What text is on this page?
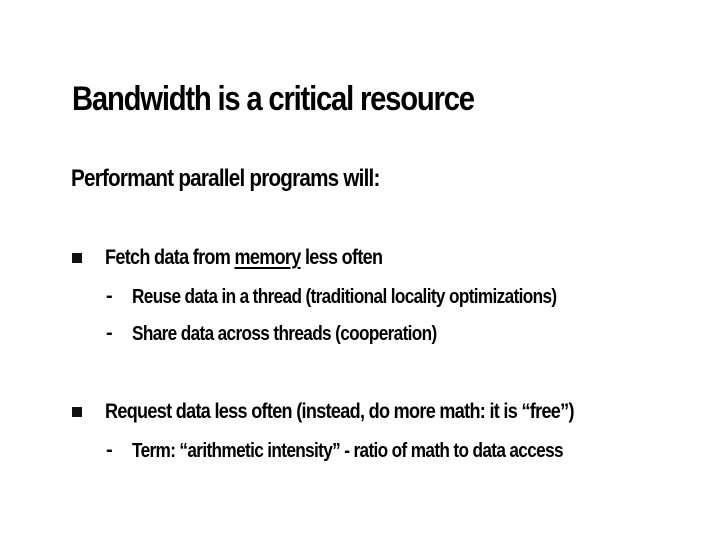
Bandwidth is a critical resource
Performant parallel programs will:
Fetch data from memory less often
- Reuse data in a thread (traditional locality optimizations)
- Share data across threads (cooperation)
Request data less often (instead, do more math: it is “free”)
- Term: “arithmetic intensity” - ratio of math to data access
